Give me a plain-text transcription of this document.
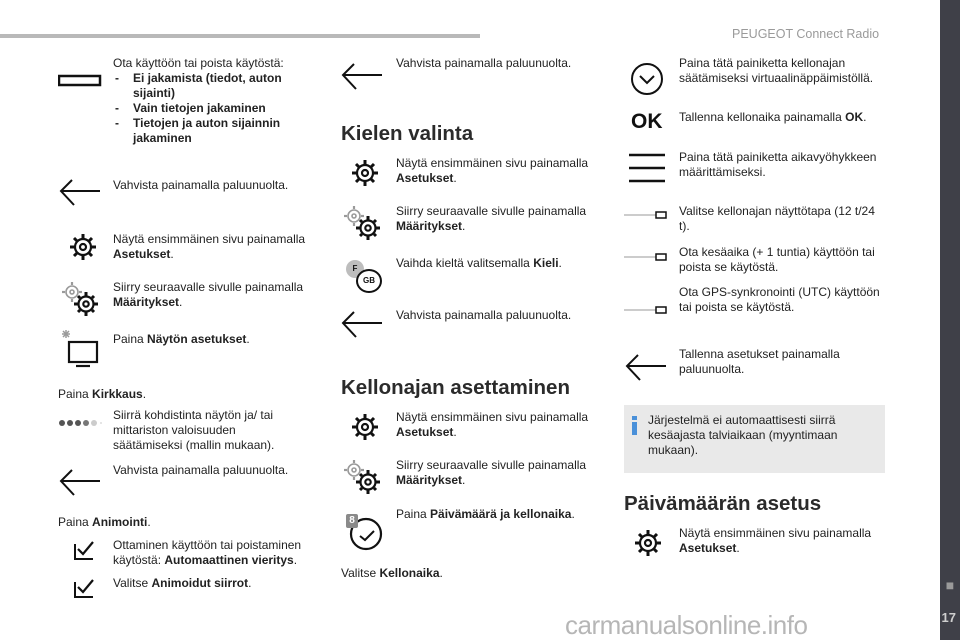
PEUGEOT Connect Radio
■
17
carmanualsonline.info
Ota käyttöön tai poista käytöstä:
- Ei jakamista (tiedot, auton sijainti)
- Vain tietojen jakaminen
- Tietojen ja auton sijainnin jakaminen
Vahvista painamalla paluunuolta.
Näytä ensimmäinen sivu painamalla
Asetukset.
Siirry seuraavalle sivulle painamalla
Määritykset.
Paina Näytön asetukset.
Paina Kirkkaus.
Siirrä kohdistinta näytön ja/ tai mittariston valoisuuden säätämiseksi (mallin mukaan).
Vahvista painamalla paluunuolta.
Paina Animointi.
Ottaminen käyttöön tai poistaminen käytöstä: Automaattinen vieritys.
Valitse Animoidut siirrot.
Vahvista painamalla paluunuolta.
Kielen valinta
Näytä ensimmäinen sivu painamalla
Asetukset.
Siirry seuraavalle sivulle painamalla
Määritykset.
F
GB
Vaihda kieltä valitsemalla Kieli.
Vahvista painamalla paluunuolta.
Kellonajan asettaminen
Näytä ensimmäinen sivu painamalla
Asetukset.
Siirry seuraavalle sivulle painamalla
Määritykset.
8	Paina Päivämäärä ja kellonaika.
Valitse Kellonaika.
Paina tätä painiketta kellonajan säätämiseksi virtuaalinäppäimistöllä.
OK Tallenna kellonaika painamalla OK.
Paina tätä painiketta aikavyöhykkeen määrittämiseksi.
Valitse kellonajan näyttötapa (12 t/24 t).
Ota kesäaika (+ 1 tuntia) käyttöön tai poista se käytöstä.
Ota GPS-synkronointi (UTC) käyttöön tai poista se käytöstä.
Tallenna asetukset painamalla paluunuolta.
Järjestelmä ei automaattisesti siirrä kesäajasta talviaikaan (myyntimaan mukaan).
Päivämäärän asetus
Näytä ensimmäinen sivu painamalla
Asetukset.
